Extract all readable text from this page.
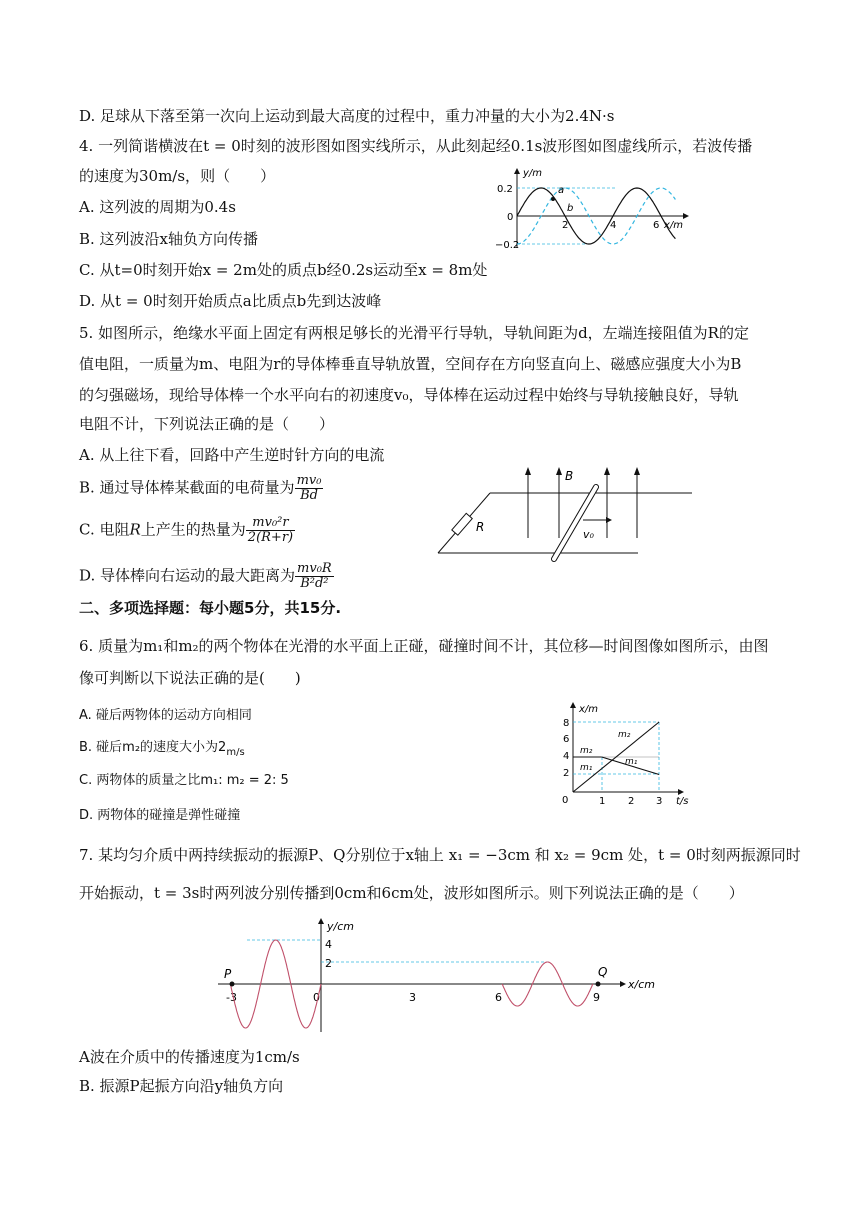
D. 足球从下落至第一次向上运动到最大高度的过程中，重力冲量的大小为2.4N·s
4. 一列简谐横波在t = 0时刻的波形图如图实线所示，从此刻起经0.1s波形图如图虚线所示，若波传播
的速度为30m/s，则（　　）
A. 这列波的周期为0.4s
B. 这列波沿x轴负方向传播
C. 从t=0时刻开始x = 2m处的质点b经0.2s运动至x = 8m处
D. 从t = 0时刻开始质点a比质点b先到达波峰
y/m
x/m
0.2
0
−0.2
2	4	6
a
b
5. 如图所示，绝缘水平面上固定有两根足够长的光滑平行导轨，导轨间距为d，左端连接阻值为R的定
值电阻，一质量为m、电阻为r的导体棒垂直导轨放置，空间存在方向竖直向上、磁感应强度大小为B
的匀强磁场，现给导体棒一个水平向右的初速度v₀，导体棒在运动过程中始终与导轨接触良好，导轨
电阻不计，下列说法正确的是（　　）
A. 从上往下看，回路中产生逆时针方向的电流
B. 通过导体棒某截面的电荷量为 $\frac{\text{mv₀}}{Bd}$
C. 电阻R上产生的热量为 $\frac{\text{mv₀²r}}{2(R+r)}$
D. 导体棒向右运动的最大距离为 $\frac{\text{mv₀R}}{\text{B²d²}}$
R
B
v₀
二、多项选择题：每小题5分，共15分.
6. 质量为m₁和m₂的两个物体在光滑的水平面上正碰，碰撞时间不计，其位移—时间图像如图所示，由图
像可判断以下说法正确的是(　　)
A. 碰后两物体的运动方向相同
B. 碰后m₂的速度大小为$2_{m/s}$
C. 两物体的质量之比m₁: m₂ = 2: 5
D. 两物体的碰撞是弹性碰撞
x/m
t/s
0
2
4
6
8
1 2 3
m₂
m₁
m₂
m₁
7. 某均匀介质中两持续振动的振源P、Q分别位于x轴上 x₁ = −3cm 和 x₂ = 9cm 处，t = 0时刻两振源同时
开始振动，t = 3s时两列波分别传播到0cm和6cm处，波形如图所示。则下列说法正确的是（　　）
y/cm
x/cm
4
2
-3	0	3	6	9
P	Q
A波在介质中的传播速度为1cm/s
B. 振源P起振方向沿y轴负方向
